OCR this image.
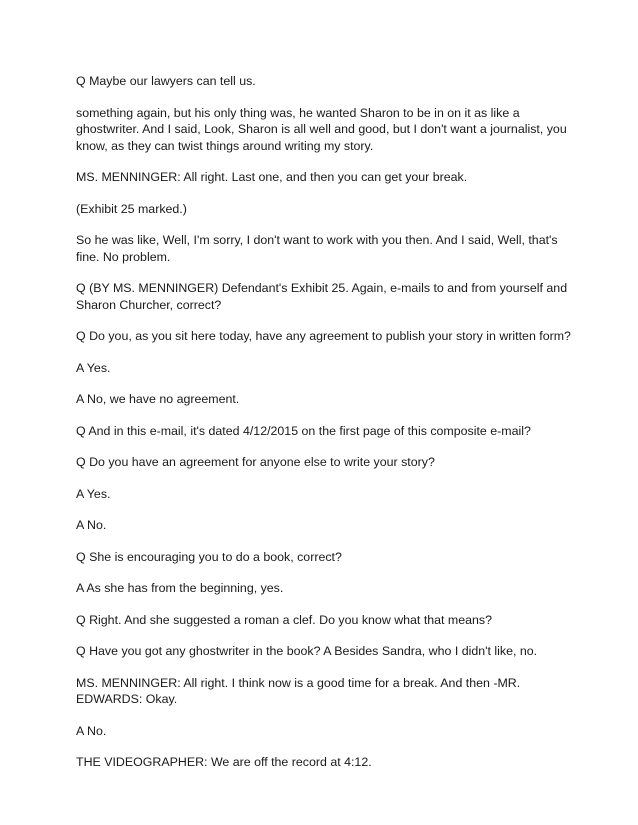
Q Maybe our lawyers can tell us.

something again, but his only thing was, he wanted Sharon to be in on it as like a ghostwriter. And I said, Look, Sharon is all well and good, but I don't want a journalist, you know, as they can twist things around writing my story.

MS. MENNINGER: All right. Last one, and then you can get your break.

(Exhibit 25 marked.)

So he was like, Well, I'm sorry, I don't want to work with you then. And I said, Well, that's fine. No problem.

Q (BY MS. MENNINGER) Defendant's Exhibit 25. Again, e-mails to and from yourself and Sharon Churcher, correct?

Q Do you, as you sit here today, have any agreement to publish your story in written form?

A Yes.

A No, we have no agreement.

Q And in this e-mail, it's dated 4/12/2015 on the first page of this composite e-mail?

Q Do you have an agreement for anyone else to write your story?

A Yes.

A No.

Q She is encouraging you to do a book, correct?

A As she has from the beginning, yes.

Q Right. And she suggested a roman a clef. Do you know what that means?

Q Have you got any ghostwriter in the book? A Besides Sandra, who I didn't like, no.

MS. MENNINGER: All right. I think now is a good time for a break. And then -MR. EDWARDS: Okay.

A No.

THE VIDEOGRAPHER: We are off the record at 4:12.
